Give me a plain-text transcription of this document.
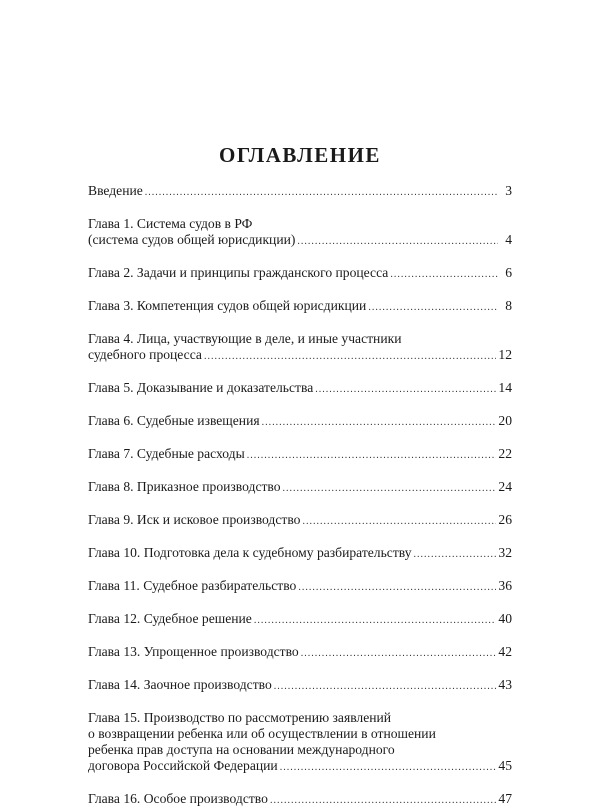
ОГЛАВЛЕНИЕ
Введение .....	3
Глава 1. Система судов в РФ
(система судов общей юрисдикции) .....	4
Глава 2. Задачи и принципы гражданского процесса .....	6
Глава 3. Компетенция судов общей юрисдикции .....	8
Глава 4. Лица, участвующие в деле, и иные участники
судебного процесса .....	12
Глава 5. Доказывание и доказательства .....	14
Глава 6. Судебные извещения .....	20
Глава 7. Судебные расходы .....	22
Глава 8. Приказное производство .....	24
Глава 9. Иск и исковое производство .....	26
Глава 10. Подготовка дела к судебному разбирательству .....	32
Глава 11. Судебное разбирательство .....	36
Глава 12. Судебное решение .....	40
Глава 13. Упрощенное производство .....	42
Глава 14. Заочное производство .....	43
Глава 15. Производство по рассмотрению заявлений
о возвращении ребенка или об осуществлении в отношении
ребенка прав доступа на основании международного
договора Российской Федерации .....	45
Глава 16. Особое производство .....	47
